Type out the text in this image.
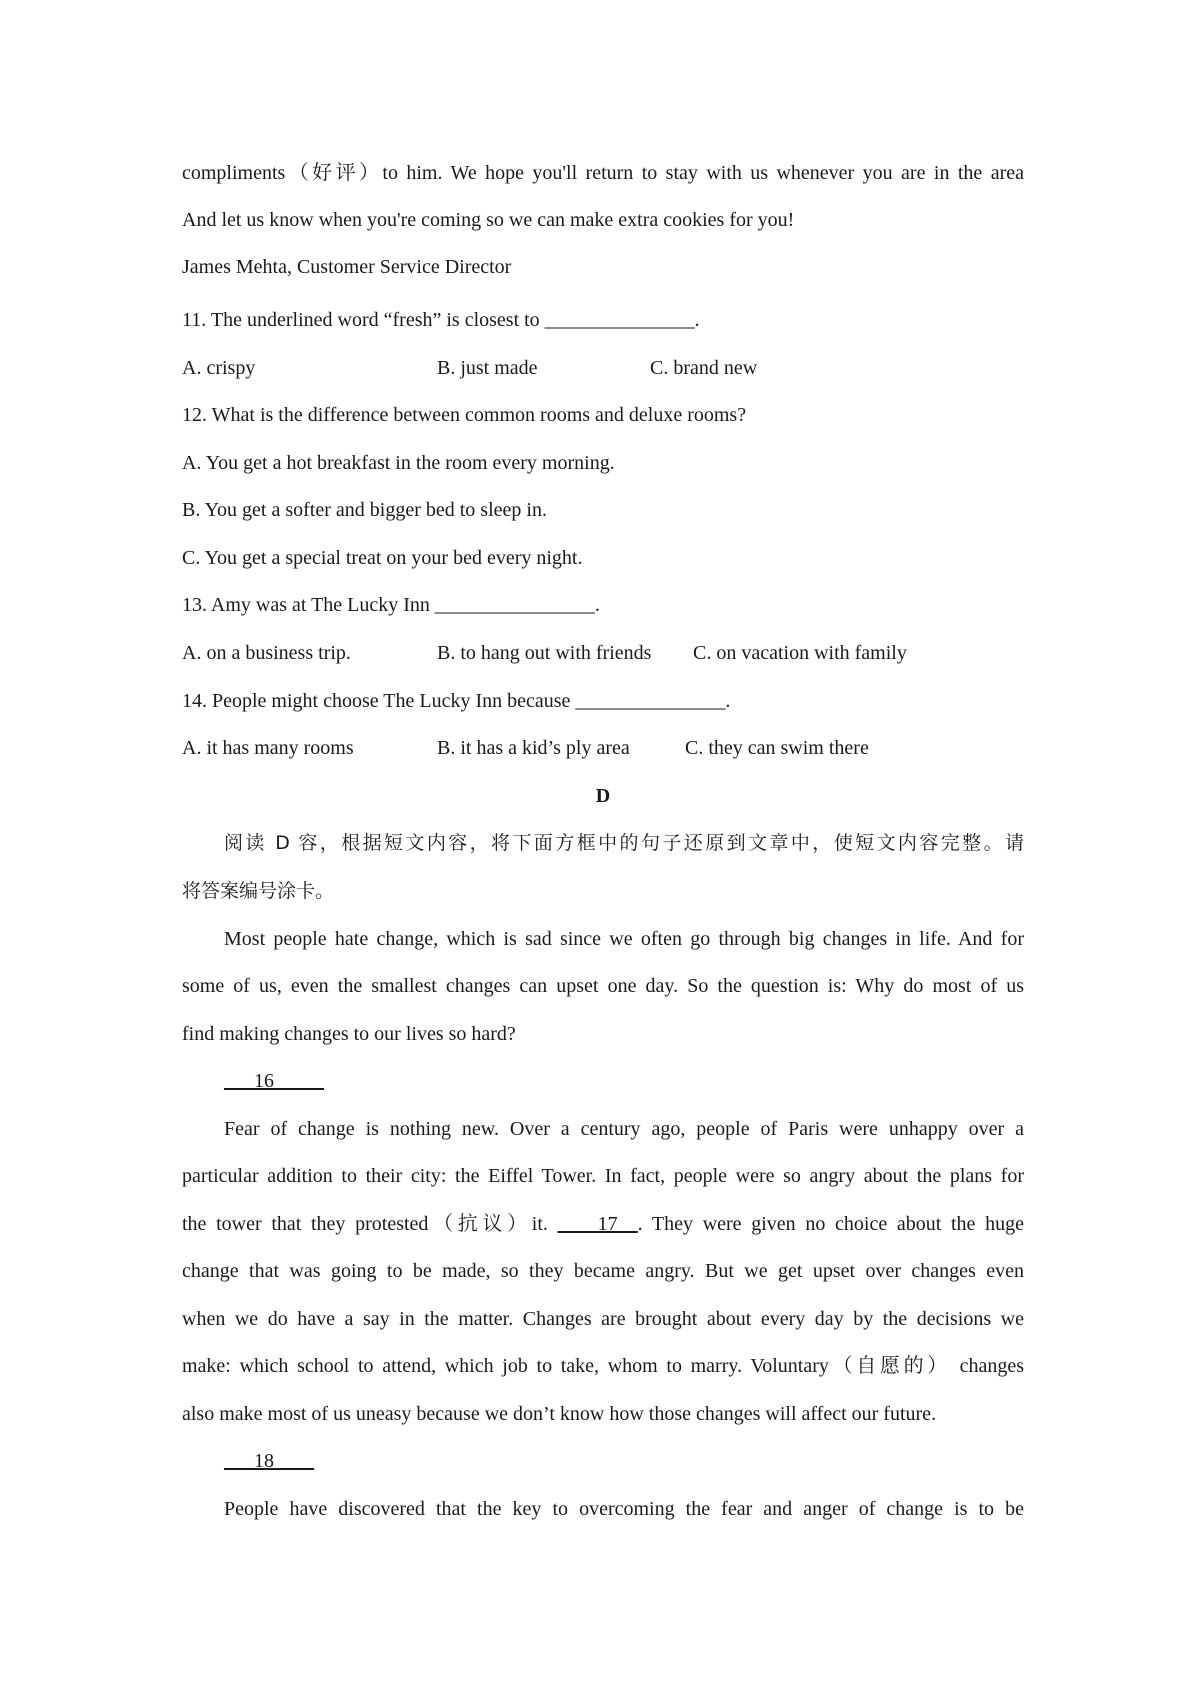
compliments（好评）to him. We hope you'll return to stay with us whenever you are in the area
And let us know when you're coming so we can make extra cookies for you!
James Mehta, Customer Service Director
11. The underlined word “fresh” is closest to _______________.
A. crispy	B. just made	C. brand new
12. What is the difference between common rooms and deluxe rooms?
A. You get a hot breakfast in the room every morning.
B. You get a softer and bigger bed to sleep in.
C. You get a special treat on your bed every night.
13. Amy was at The Lucky Inn ________________.
A. on a business trip.	B. to hang out with friends C. on vacation with family
14. People might choose The Lucky Inn because _______________.
A. it has many rooms	B. it has a kid’s ply area	C. they can swim there
D
阅读 D 容，根据短文内容，将下面方框中的句子还原到文章中，使短文内容完整。请
将答案编号涂卡。
Most people hate change, which is sad since we often go through big changes in life. And for
some of us, even the smallest changes can upset one day. So the question is: Why do most of us
find making changes to our lives so hard?
___16_____
Fear of change is nothing new. Over a century ago, people of Paris were unhappy over a
particular addition to their city: the Eiffel Tower. In fact, people were so angry about the plans for
the tower that they protested（抗议）it. ____17__. They were given no choice about the huge
change that was going to be made, so they became angry. But we get upset over changes even
when we do have a say in the matter. Changes are brought about every day by the decisions we
make: which school to attend, which job to take, whom to marry. Voluntary（自愿的） changes
also make most of us uneasy because we don’t know how those changes will affect our future.
___18____
People have discovered that the key to overcoming the fear and anger of change is to be
